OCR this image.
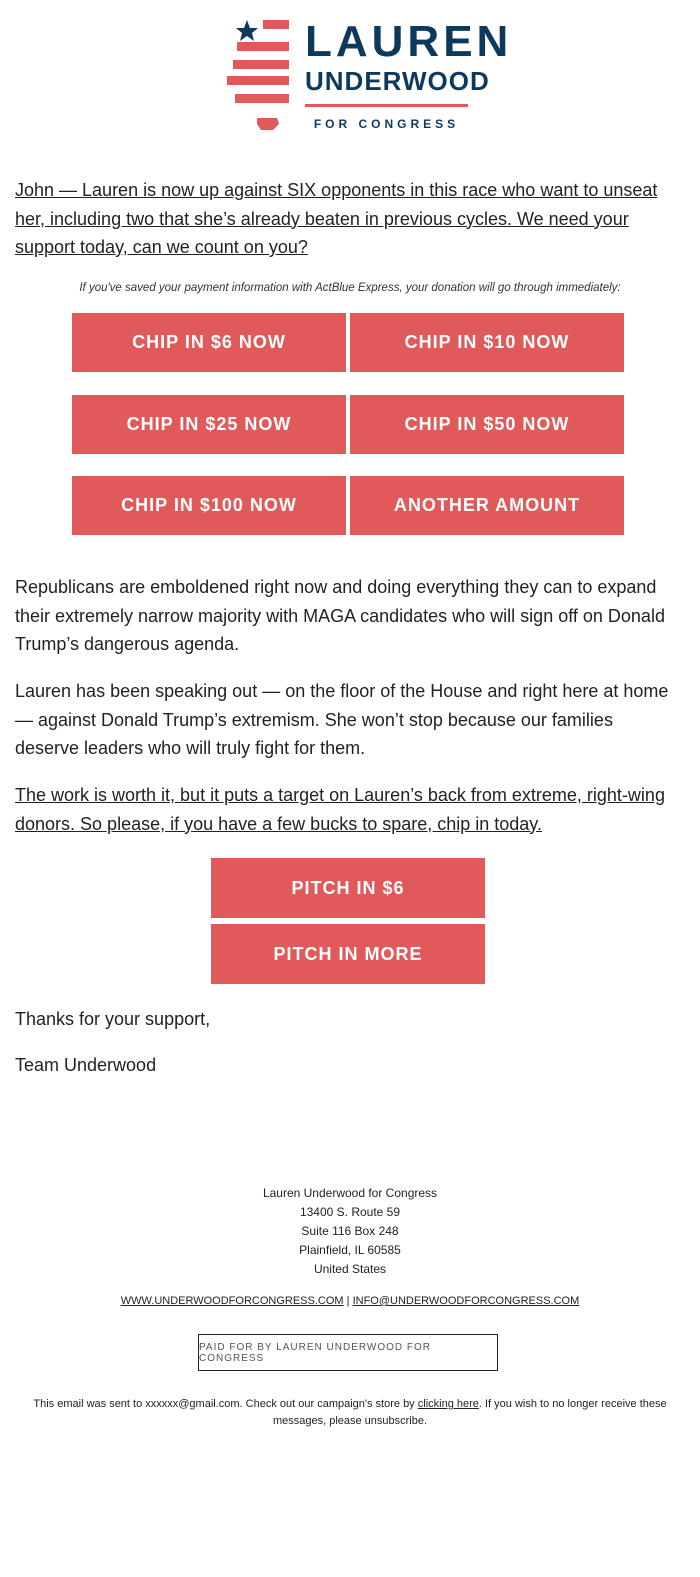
LAUREN
UNDERWOOD
FOR CONGRESS
John — Lauren is now up against SIX opponents in this race who want to unseat her, including two that she’s already beaten in previous cycles. We need your support today, can we count on you?
If you've saved your payment information with ActBlue Express, your donation will go through immediately:
CHIP IN $6 NOW	CHIP IN $10 NOW
CHIP IN $25 NOW	CHIP IN $50 NOW
CHIP IN $100 NOW	ANOTHER AMOUNT
Republicans are emboldened right now and doing everything they can to expand their extremely narrow majority with MAGA candidates who will sign off on Donald Trump’s dangerous agenda.
Lauren has been speaking out — on the floor of the House and right here at home — against Donald Trump’s extremism. She won’t stop because our families deserve leaders who will truly fight for them.
The work is worth it, but it puts a target on Lauren’s back from extreme, right-wing donors. So please, if you have a few bucks to spare, chip in today.
PITCH IN $6
PITCH IN MORE
Thanks for your support,
Team Underwood
Lauren Underwood for Congress
13400 S. Route 59
Suite 116 Box 248
Plainfield, IL 60585
United States
WWW.UNDERWOODFORCONGRESS.COM | INFO@UNDERWOODFORCONGRESS.COM
PAID FOR BY LAUREN UNDERWOOD FOR CONGRESS
This email was sent to xxxxxx@gmail.com. Check out our campaign's store by clicking here. If you wish to no longer receive these messages, please unsubscribe.
